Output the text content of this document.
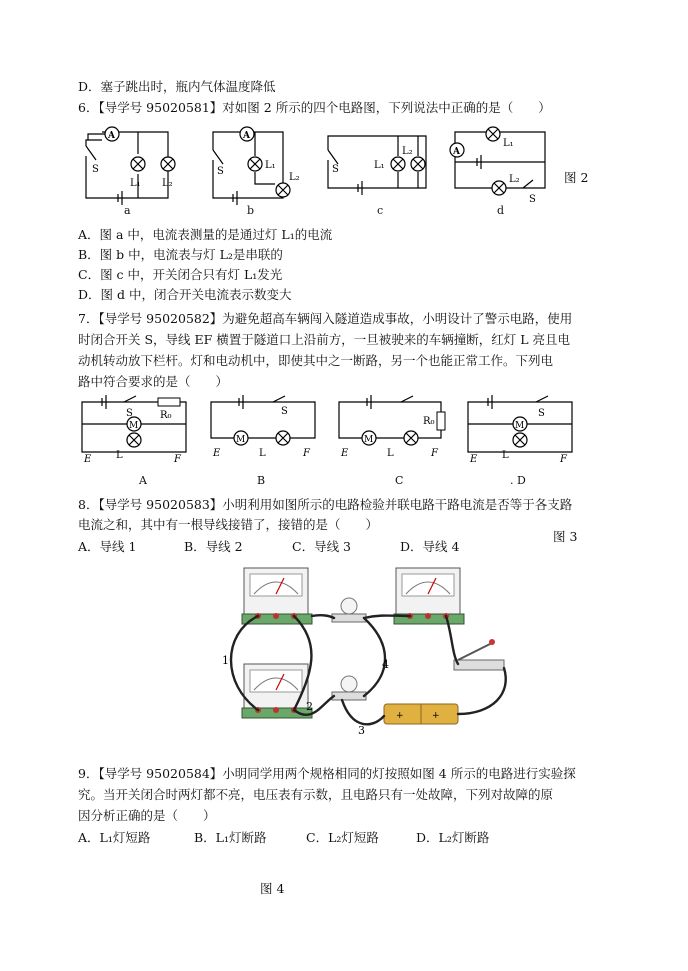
D．塞子跳出时，瓶内气体温度降低
6．【导学号 95020581】对如图 2 所示的四个电路图，下列说法中正确的是（　　）
A
S
L₁ L₂
a
A
S
L₁
L₂
b
S	L₁
L₂
c
A
L₁
L₂
S
d
图 2
A．图 a 中，电流表测量的是通过灯 L₁的电流
B．图 b 中，电流表与灯 L₂是串联的
C．图 c 中，开关闭合只有灯 L₁发光
D．图 d 中，闭合开关电流表示数变大
7．【导学号 95020582】为避免超高车辆闯入隧道造成事故，小明设计了警示电路，使用
时闭合开关 S，导线 EF 横置于隧道口上沿前方，一旦被驶来的车辆撞断，红灯 L 亮且电
动机转动放下栏杆。灯和电动机中，即使其中之一断路，另一个也能正常工作。下列电
路中符合要求的是（　　）
M
S	R₀
L
E	F
A
M
S
L
E	F
B
M
R₀
L
E	F
C
M
S
L
E	F
. D
8．【导学号 95020583】小明利用如图所示的电路检验并联电路干路电流是否等于各支路
电流之和，其中有一根导线接错了，接错的是（　　）
A．导线 1	B．导线 2	C．导线 3	D．导线 4
图 3
+	+
1
2
3
4
9．【导学号 95020584】小明同学用两个规格相同的灯按照如图 4 所示的电路进行实验探
究。当开关闭合时两灯都不亮，电压表有示数，且电路只有一处故障，下列对故障的原
因分析正确的是（　　）
A．L₁灯短路	B．L₁灯断路	C．L₂灯短路	D．L₂灯断路
图 4
